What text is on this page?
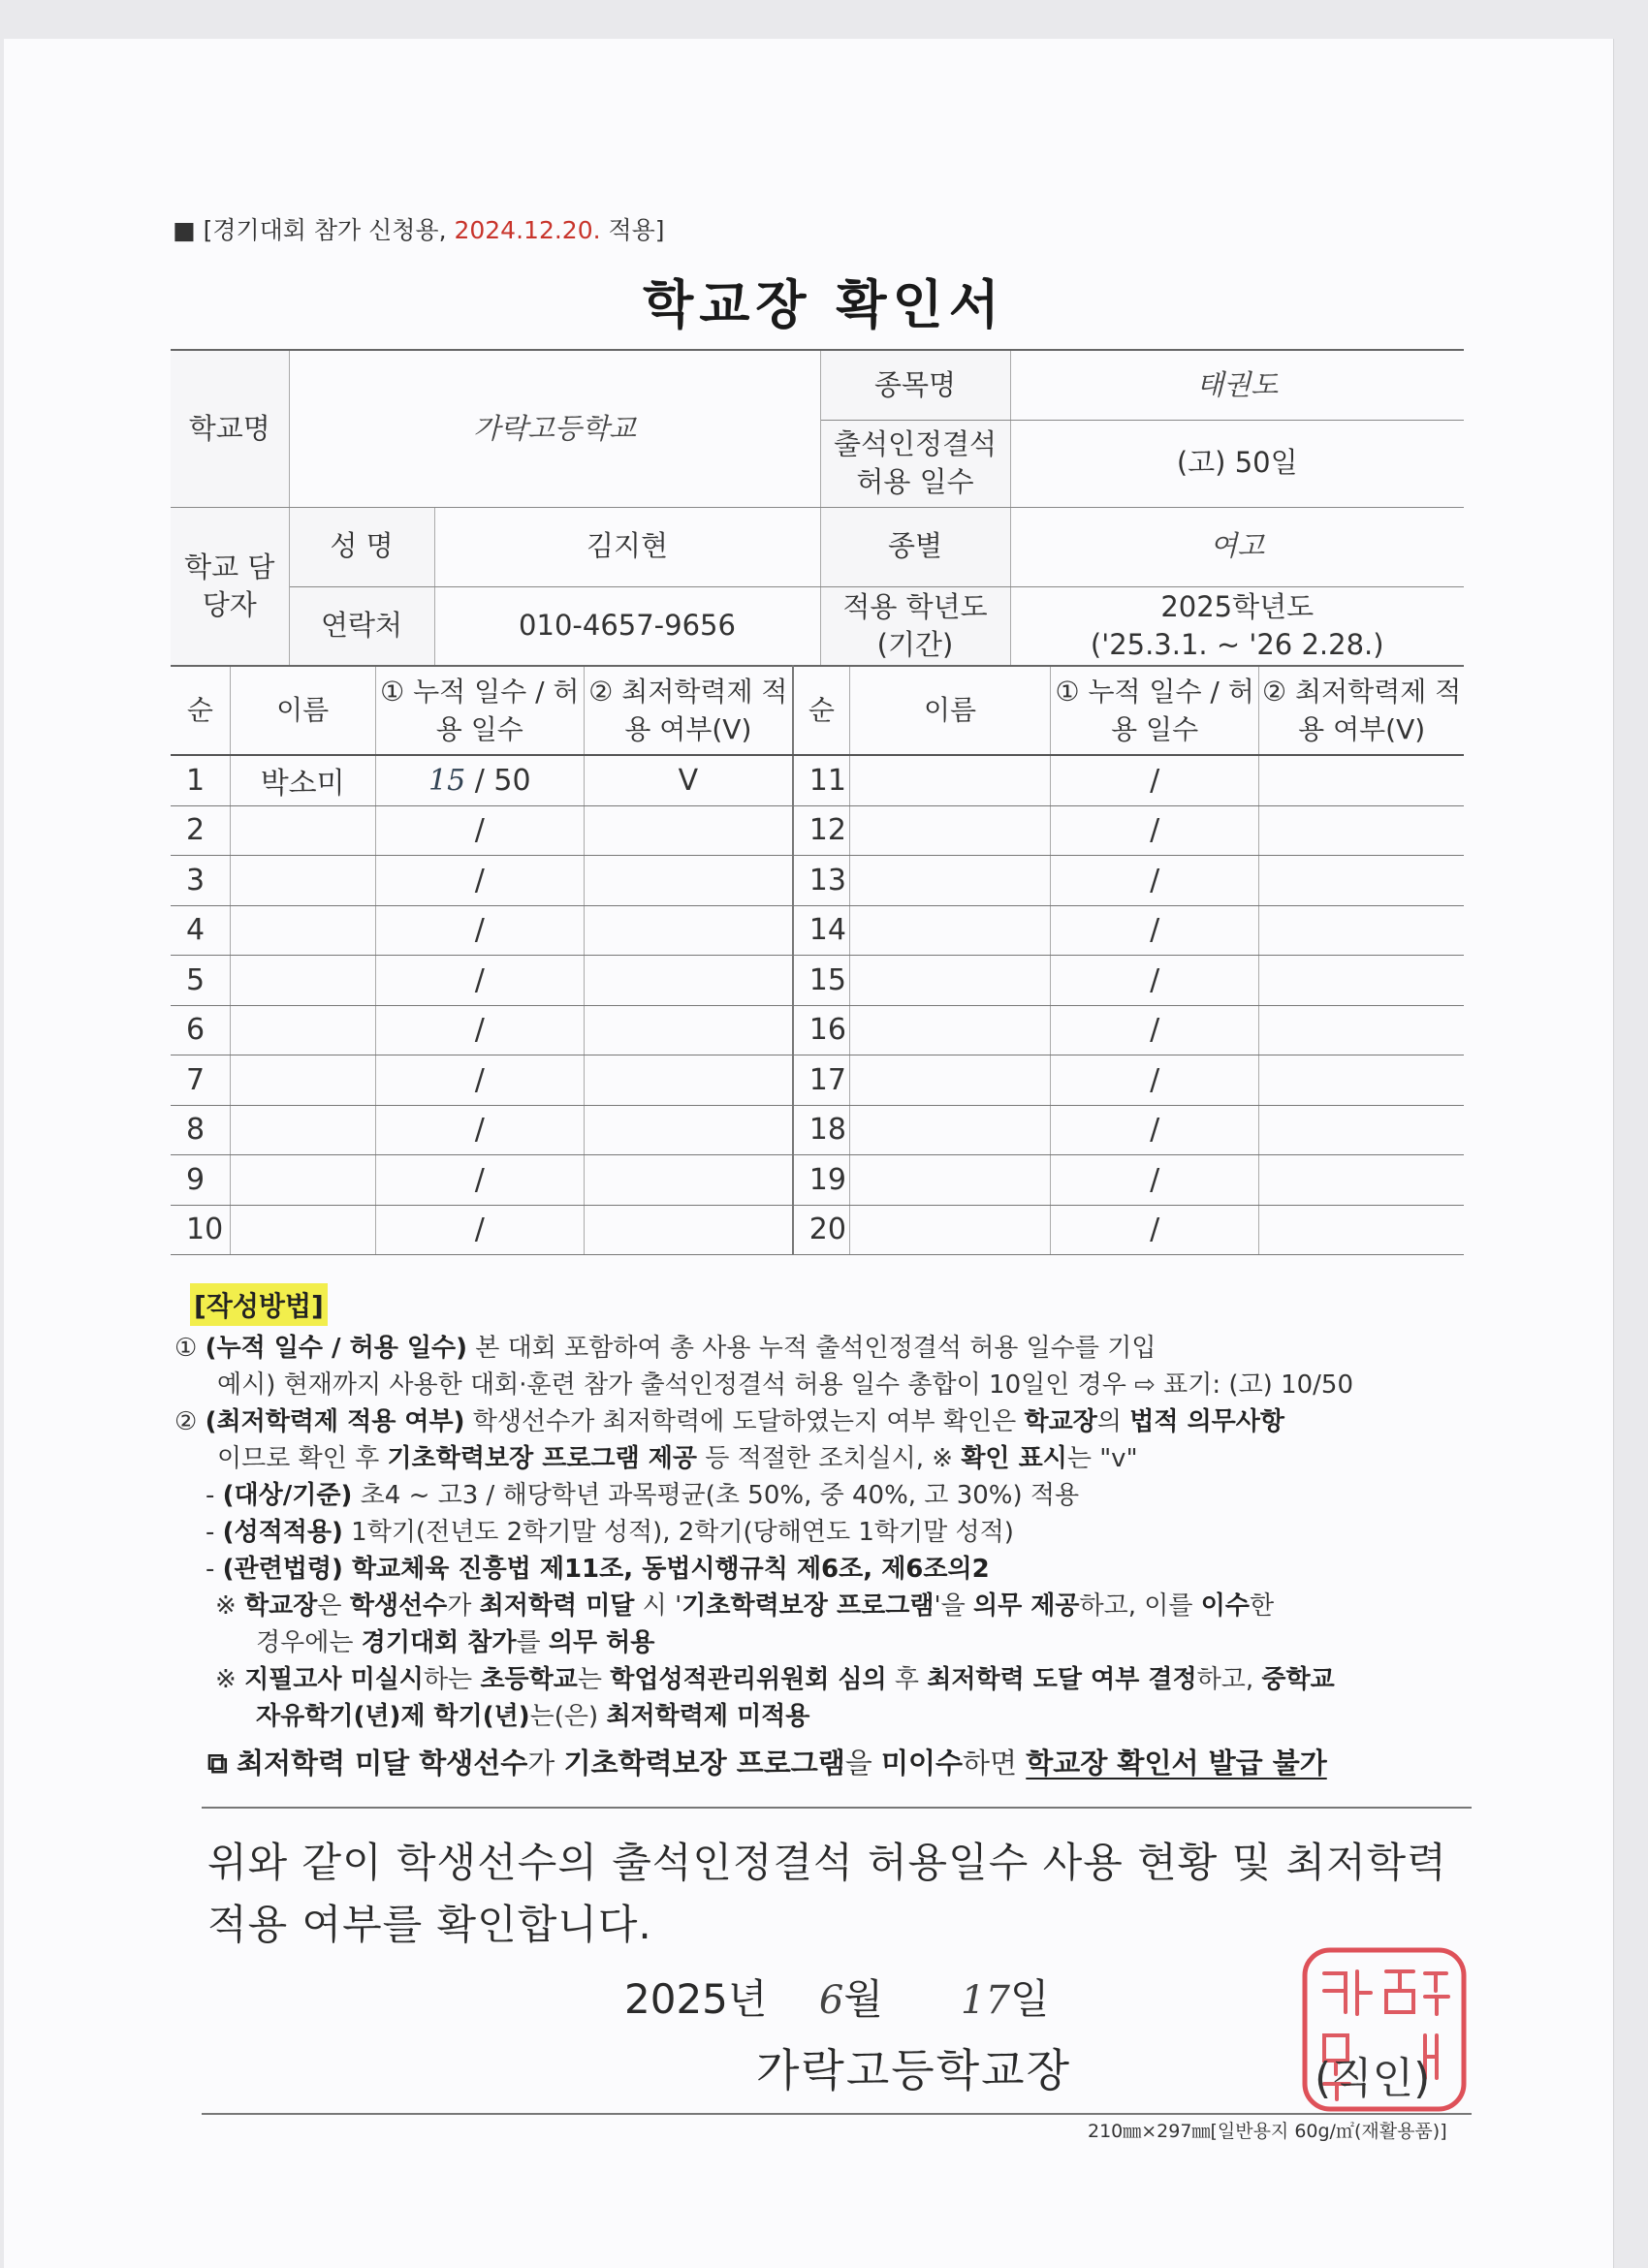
■ [경기대회 참가 신청용, 2024.12.20. 적용]
학교장 확인서
학교명	가락고등학교		종목명	태권도
			출석인정결석 허용 일수	(고) 50일
학교 담당자	성 명	김지현	종별	여고
	연락처	010-4657-9656	적용 학년도 (기간)	2025학년도
('25.3.1. ~ '26 2.28.)
순	이름	① 누적 일수 / 허용 일수	② 최저학력제 적용 여부(V)	순	이름	① 누적 일수 / 허용 일수	② 최저학력제 적용 여부(V)
1	박소미	15 / 50	V	11		/	
2		/		12		/	
3		/		13		/	
4		/		14		/	
5		/		15		/	
6		/		16		/	
7		/		17		/	
8		/		18		/	
9		/		19		/	
10		/		20		/	
[작성방법]
① (누적 일수 / 허용 일수) 본 대회 포함하여 총 사용 누적 출석인정결석 허용 일수를 기입
예시) 현재까지 사용한 대회·훈련 참가 출석인정결석 허용 일수 총합이 10일인 경우 ⇨ 표기: (고) 10/50
② (최저학력제 적용 여부) 학생선수가 최저학력에 도달하였는지 여부 확인은 학교장의 법적 의무사항
이므로 확인 후 기초학력보장 프로그램 제공 등 적절한 조치실시, ※ 확인 표시는 "v"
- (대상/기준) 초4 ~ 고3 / 해당학년 과목평균(초 50%, 중 40%, 고 30%) 적용
- (성적적용) 1학기(전년도 2학기말 성적), 2학기(당해연도 1학기말 성적)
- (관련법령) 학교체육 진흥법 제11조, 동법시행규칙 제6조, 제6조의2
※ 학교장은 학생선수가 최저학력 미달 시 '기초학력보장 프로그램'을 의무 제공하고, 이를 이수한
경우에는 경기대회 참가를 의무 허용
※ 지필고사 미실시하는 초등학교는 학업성적관리위원회 심의 후 최저학력 도달 여부 결정하고, 중학교
자유학기(년)제 학기(년)는(은) 최저학력제 미적용
⧉ 최저학력 미달 학생선수가 기초학력보장 프로그램을 미이수하면 학교장 확인서 발급 불가
위와 같이 학생선수의 출석인정결석 허용일수 사용 현황 및 최저학력
적용 여부를 확인합니다.
2025년 6월 17일
가락고등학교장	(직인)
210㎜×297㎜[일반용지 60g/㎡(재활용품)]
